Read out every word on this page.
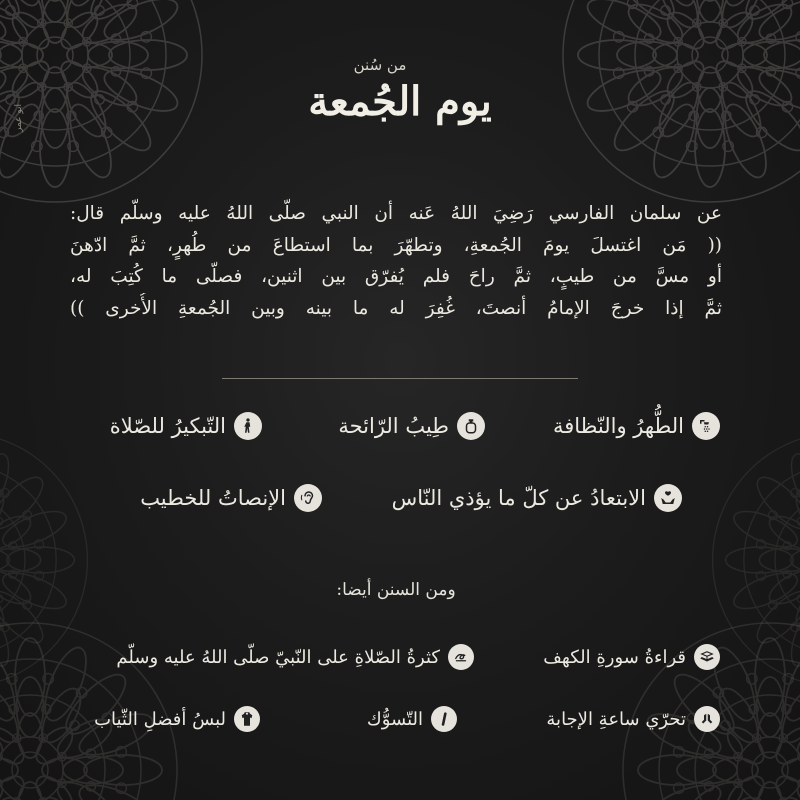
ابو عمر
من سُنن
يوم الجُمعة
عن سلمان الفارسي رَضِيَ اللهُ عَنه أن النبي صلّى اللهُ عليه وسلّم قال:
(( مَن اغتسلَ يومَ الجُمعةِ، وتطهّرَ بما استطاعَ من طُهرٍ، ثمَّ ادّهنَ
أو مسَّ من طيبٍ، ثمَّ راحَ فلم يُفرّق بين اثنين، فصلّى ما كُتِبَ له،
ثمَّ إذا خرجَ الإمامُ أنصتَ، غُفِرَ له ما بينه وبين الجُمعةِ الأُخرى ))
الطُّهرُ والنّظافة
طِيبُ الرّائحة
التّبكيرُ للصّلاة
الابتعادُ عن كلّ ما يؤذي النّاس
الإنصاتُ للخطيب
ومن السنن أيضا:
قراءةُ سورةِ الكهف
كثرةُ الصّلاةِ على النّبيّ صلّى اللهُ عليه وسلّم
تحرّي ساعةِ الإجابة
التّسوُّك
لبسُ أفضلِ الثّياب
